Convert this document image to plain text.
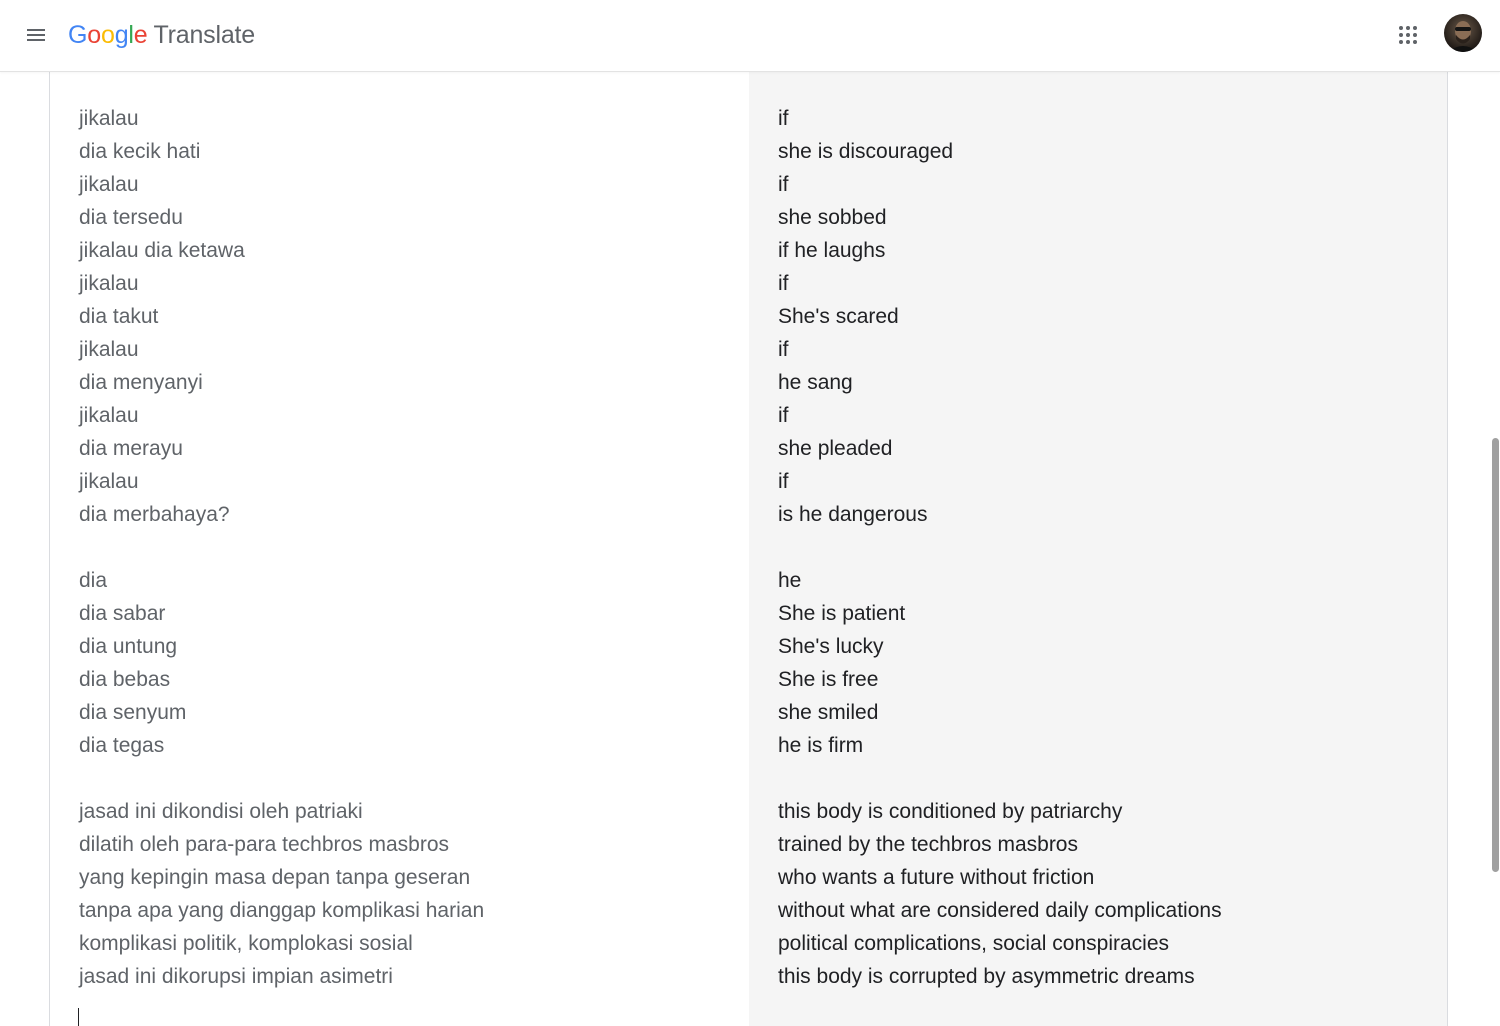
Google Translate
jikalau
dia kecik hati
jikalau
dia tersedu
jikalau dia ketawa
jikalau
dia takut
jikalau
dia menyanyi
jikalau
dia merayu
jikalau
dia merbahaya?
dia
dia sabar
dia untung
dia bebas
dia senyum
dia tegas
jasad ini dikondisi oleh patriaki
dilatih oleh para-para techbros masbros
yang kepingin masa depan tanpa geseran
tanpa apa yang dianggap komplikasi harian
komplikasi politik, komplokasi sosial
jasad ini dikorupsi impian asimetri
if
she is discouraged
if
she sobbed
if he laughs
if
She's scared
if
he sang
if
she pleaded
if
is he dangerous
he
She is patient
She's lucky
She is free
she smiled
he is firm
this body is conditioned by patriarchy
trained by the techbros masbros
who wants a future without friction
without what are considered daily complications
political complications, social conspiracies
this body is corrupted by asymmetric dreams
